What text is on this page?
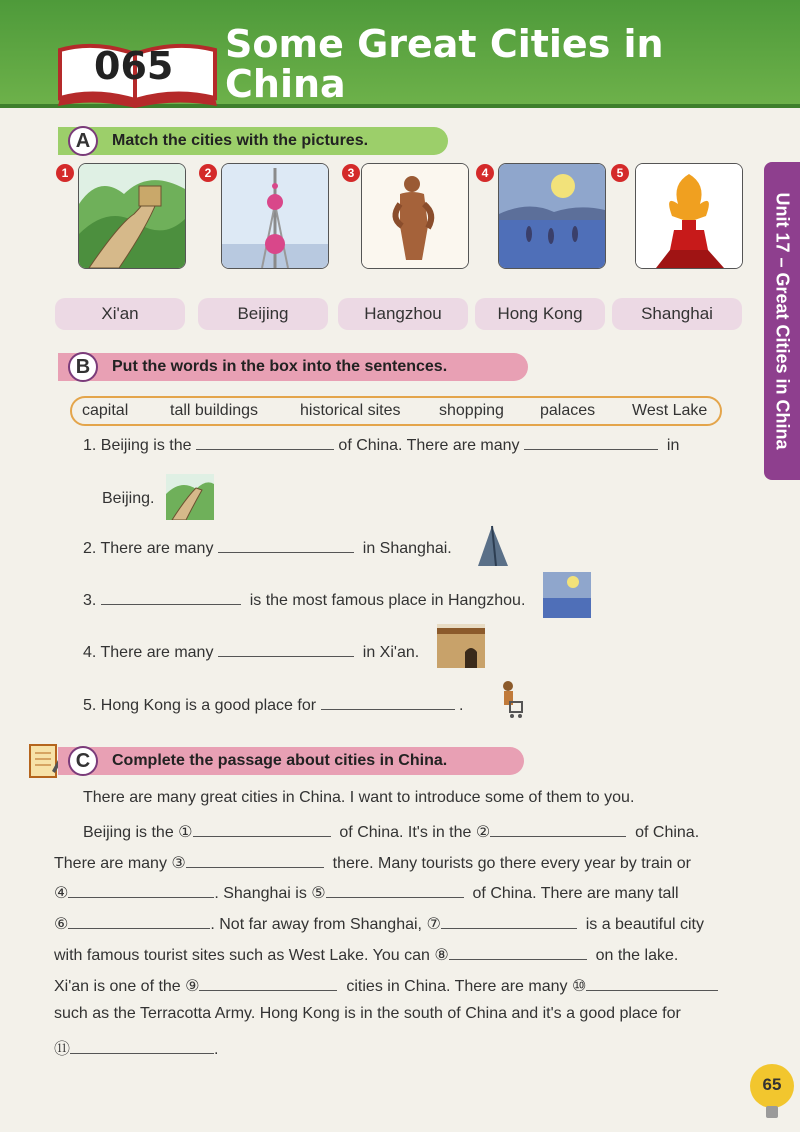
065 Some Great Cities in
China
Unit 17 – Great Cities in China
Match the cities with the pictures.
A
1	2	3	4	5
Xi'an	Beijing	Hangzhou	Hong Kong	Shanghai
Put the words in the box into the sentences.
B
capital	tall buildings	historical sites shopping palaces West Lake
1. Beijing is the	of China. There are many	in
Beijing.
2. There are many	in Shanghai.
3.	is the most famous place in Hangzhou.
4. There are many	in Xi'an.
5. Hong Kong is a good place for	.
Complete the passage about cities in China.
C
There are many great cities in China. I want to introduce some of them to you.
Beijing is the ①	of China. It's in the ②	of China.
There are many ③	there. Many tourists go there every year by train or
④	. Shanghai is ⑤	of China. There are many tall
⑥	. Not far away from Shanghai, ⑦	is a beautiful city
with famous tourist sites such as West Lake. You can ⑧	on the lake.
Xi'an is one of the ⑨	cities in China. There are many ⑩
such as the Terracotta Army. Hong Kong is in the south of China and it's a good place for
⑪	.
65
